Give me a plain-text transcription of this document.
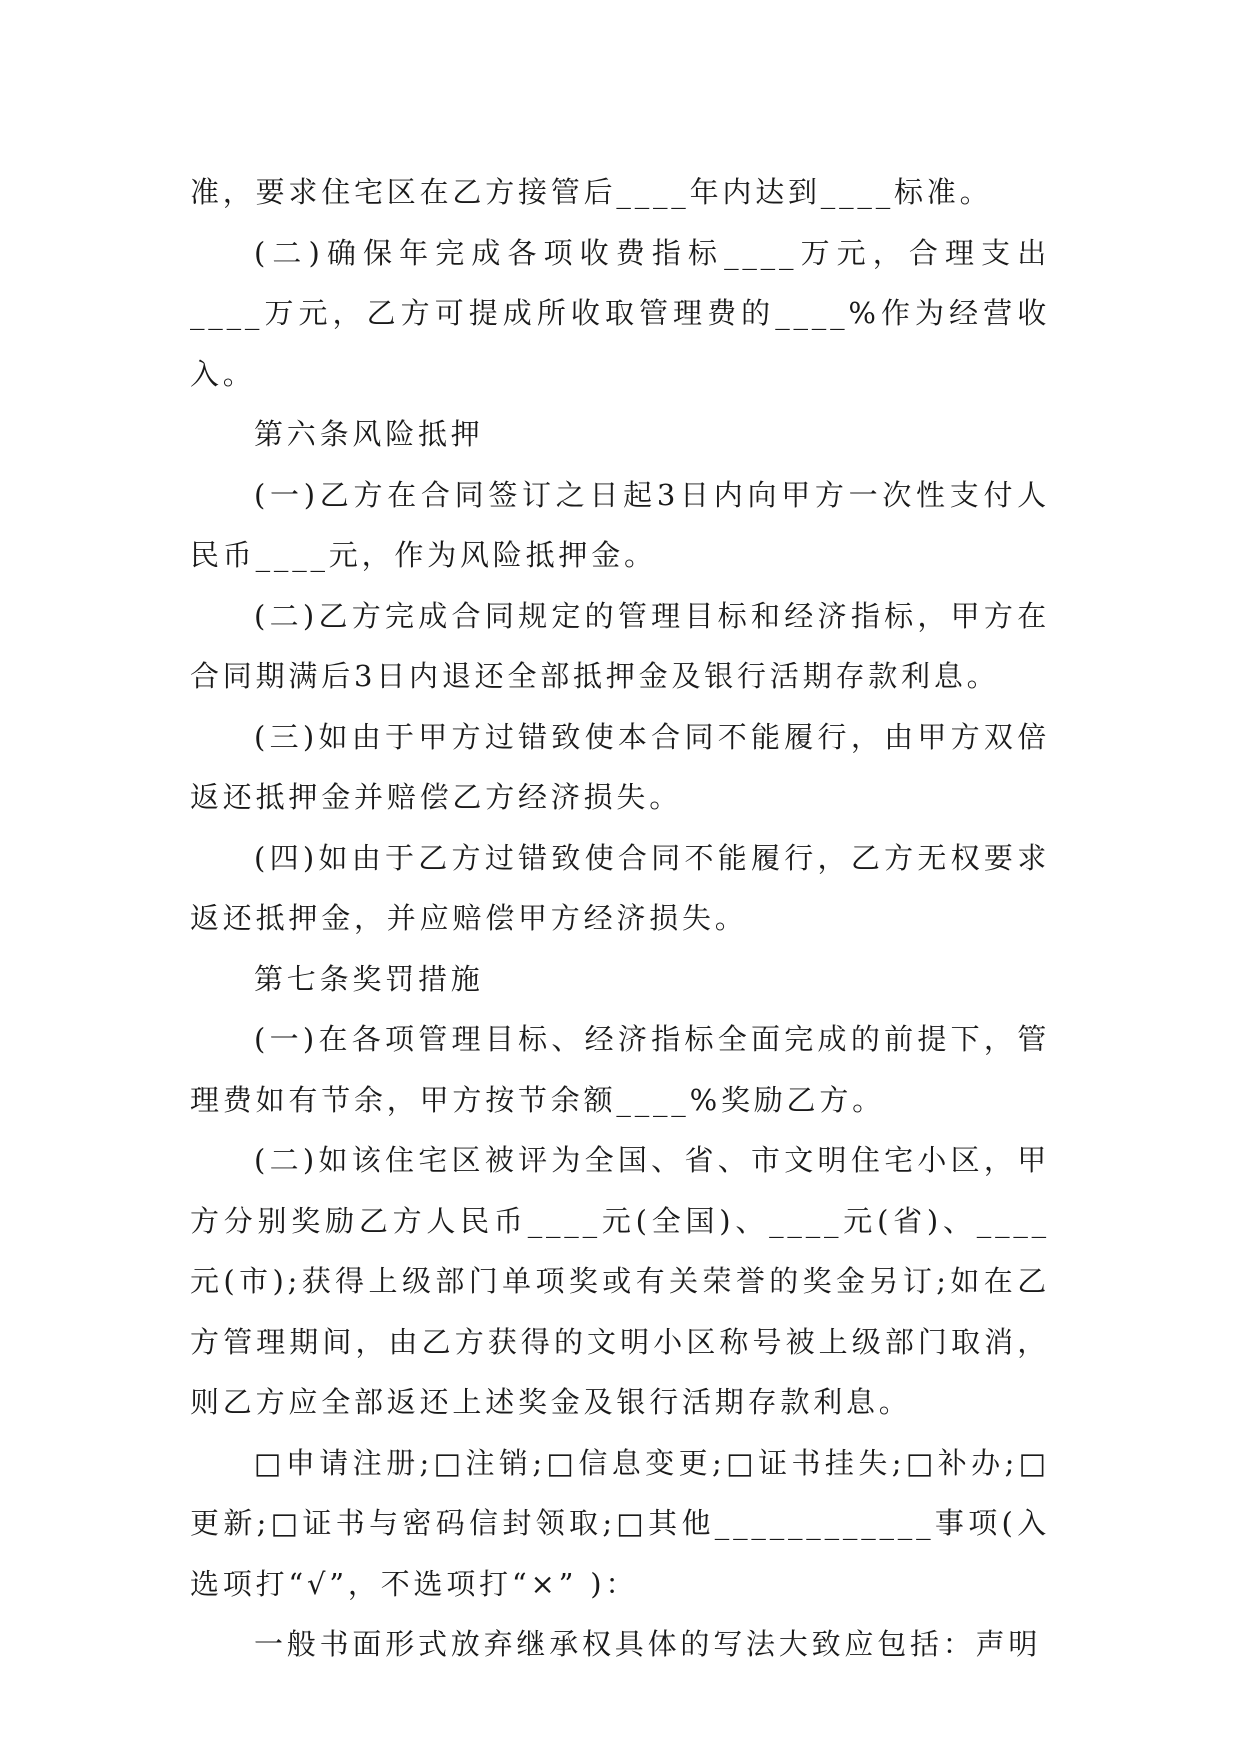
准，要求住宅区在乙方接管后____年内达到____标准。

(二)确保年完成各项收费指标____万元，合理支出____万元，乙方可提成所收取管理费的____%作为经营收入。

第六条风险抵押

(一)乙方在合同签订之日起3日内向甲方一次性支付人民币____元，作为风险抵押金。

(二)乙方完成合同规定的管理目标和经济指标，甲方在合同期满后3日内退还全部抵押金及银行活期存款利息。

(三)如由于甲方过错致使本合同不能履行，由甲方双倍返还抵押金并赔偿乙方经济损失。

(四)如由于乙方过错致使合同不能履行，乙方无权要求返还抵押金，并应赔偿甲方经济损失。

第七条奖罚措施

(一)在各项管理目标、经济指标全面完成的前提下，管理费如有节余，甲方按节余额____%奖励乙方。

(二)如该住宅区被评为全国、省、市文明住宅小区，甲方分别奖励乙方人民币____元(全国)、____元(省)、____元(市);获得上级部门单项奖或有关荣誉的奖金另订;如在乙方管理期间，由乙方获得的文明小区称号被上级部门取消，则乙方应全部返还上述奖金及银行活期存款利息。

□申请注册;□注销;□信息变更;□证书挂失;□补办;□更新;□证书与密码信封领取;□其他____________事项(入选项打“√”，不选项打“×” )：

一般书面形式放弃继承权具体的写法大致应包括：声明
